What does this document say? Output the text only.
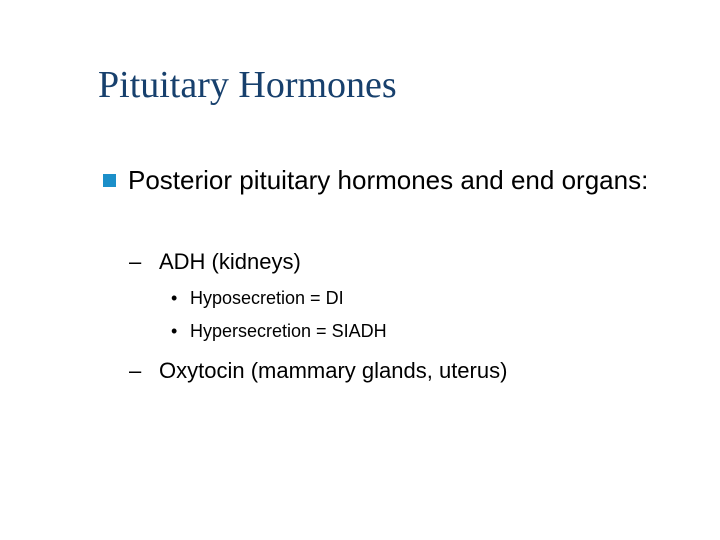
Pituitary Hormones
Posterior pituitary hormones and end organs:
– ADH (kidneys)
• Hyposecretion = DI
• Hypersecretion = SIADH
– Oxytocin (mammary glands, uterus)
